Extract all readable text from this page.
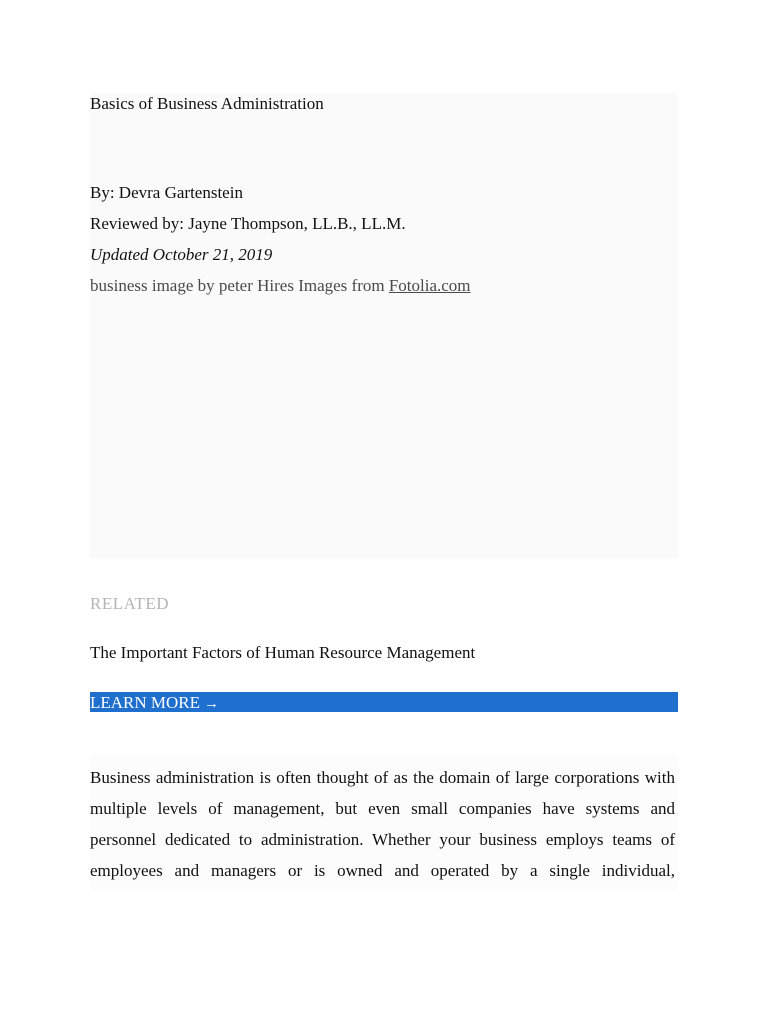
Basics of Business Administration

By: Devra Gartenstein

Reviewed by: Jayne Thompson, LL.B., LL.M.

Updated October 21, 2019

business image by peter Hires Images from Fotolia.com

RELATED

The Important Factors of Human Resource Management
LEARN MORE →

Business administration is often thought of as the domain of large corporations with multiple levels of management, but even small companies have systems and personnel dedicated to administration. Whether your business employs teams of employees and managers or is owned and operated by a single individual,
